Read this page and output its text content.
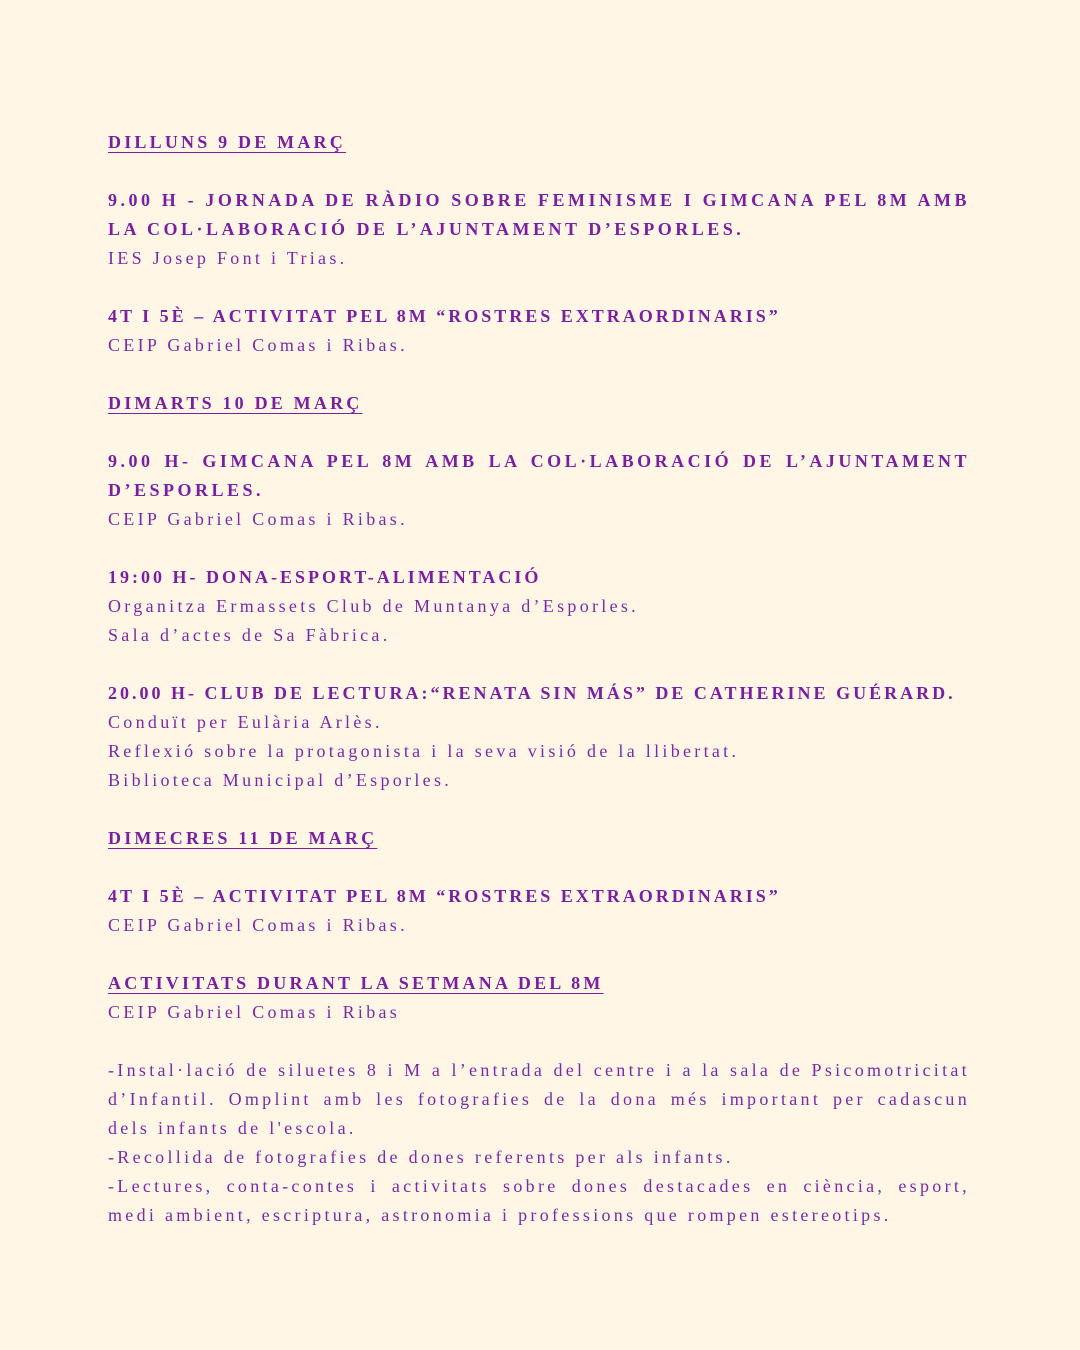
DILLUNS 9 DE MARÇ

9.00 H - JORNADA DE RÀDIO SOBRE FEMINISME I GIMCANA PEL 8M AMB LA COL·LABORACIÓ DE L’AJUNTAMENT D’ESPORLES.

IES Josep Font i Trias.

4T I 5È – ACTIVITAT PEL 8M “ROSTRES EXTRAORDINARIS”

CEIP Gabriel Comas i Ribas.

DIMARTS 10 DE MARÇ

9.00 H- GIMCANA PEL 8M AMB LA COL·LABORACIÓ DE L’AJUNTAMENT D’ESPORLES.

CEIP Gabriel Comas i Ribas.

19:00 H- DONA-ESPORT-ALIMENTACIÓ

Organitza Ermassets Club de Muntanya d’Esporles.

Sala d’actes de Sa Fàbrica.

20.00 H- CLUB DE LECTURA:“RENATA SIN MÁS” DE CATHERINE GUÉRARD.

Conduït per Eulària Arlès.

Reflexió sobre la protagonista i la seva visió de la llibertat.

Biblioteca Municipal d’Esporles.

DIMECRES 11 DE MARÇ

4T I 5È – ACTIVITAT PEL 8M “ROSTRES EXTRAORDINARIS”

CEIP Gabriel Comas i Ribas.

ACTIVITATS DURANT LA SETMANA DEL 8M

CEIP Gabriel Comas i Ribas

-Instal·lació de siluetes 8 i M a l’entrada del centre i a la sala de Psicomotricitat d’Infantil. Omplint amb les fotografies de la dona més important per cadascun dels infants de l'escola.

-Recollida de fotografies de dones referents per als infants.

-Lectures, conta-contes i activitats sobre dones destacades en ciència, esport, medi ambient, escriptura, astronomia i professions que rompen estereotips.
